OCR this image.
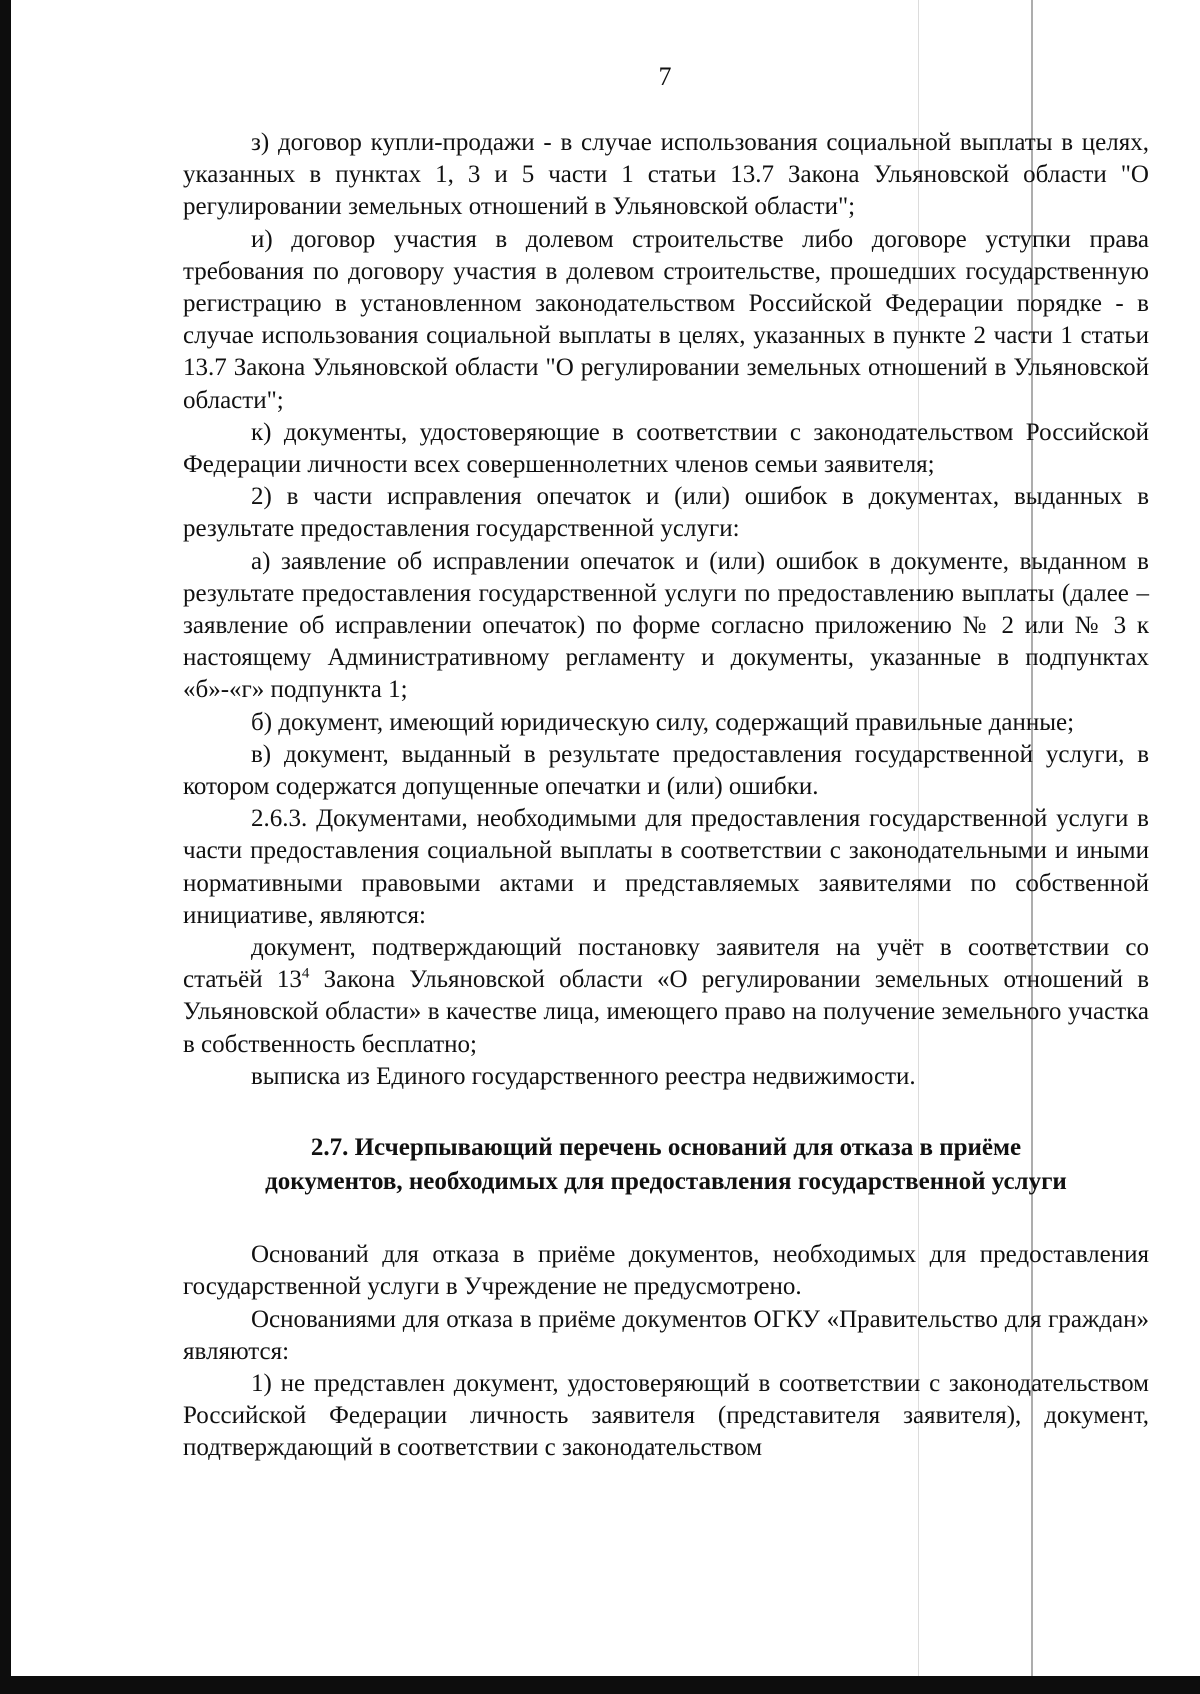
7

з) договор купли-продажи - в случае использования социальной выплаты в целях, указанных в пунктах 1, 3 и 5 части 1 статьи 13.7 Закона Ульяновской области "О регулировании земельных отношений в Ульяновской области";

и) договор участия в долевом строительстве либо договоре уступки права требования по договору участия в долевом строительстве, прошедших государственную регистрацию в установленном законодательством Российской Федерации порядке - в случае использования социальной выплаты в целях, указанных в пункте 2 части 1 статьи 13.7 Закона Ульяновской области "О регулировании земельных отношений в Ульяновской области";

к) документы, удостоверяющие в соответствии с законодательством Российской Федерации личности всех совершеннолетних членов семьи заявителя;

2) в части исправления опечаток и (или) ошибок в документах, выданных в результате предоставления государственной услуги:

а) заявление об исправлении опечаток и (или) ошибок в документе, выданном в результате предоставления государственной услуги по предоставлению выплаты (далее – заявление об исправлении опечаток) по форме согласно приложению № 2 или № 3 к настоящему Административному регламенту и документы, указанные в подпунктах «б»-«г» подпункта 1;

б) документ, имеющий юридическую силу, содержащий правильные данные;

в) документ, выданный в результате предоставления государственной услуги, в котором содержатся допущенные опечатки и (или) ошибки.

2.6.3. Документами, необходимыми для предоставления государственной услуги в части предоставления социальной выплаты в соответствии с законодательными и иными нормативными правовыми актами и представляемых заявителями по собственной инициативе, являются:

документ, подтверждающий постановку заявителя на учёт в соответствии со статьёй $13^4$ Закона Ульяновской области «О регулировании земельных отношений в Ульяновской области» в качестве лица, имеющего право на получение земельного участка в собственность бесплатно;

выписка из Единого государственного реестра недвижимости.

2.7. Исчерпывающий перечень оснований для отказа в приёме

документов, необходимых для предоставления государственной услуги

Оснований для отказа в приёме документов, необходимых для предоставления государственной услуги в Учреждение не предусмотрено.

Основаниями для отказа в приёме документов ОГКУ «Правительство для граждан» являются:

1) не представлен документ, удостоверяющий в соответствии с законодательством Российской Федерации личность заявителя (представителя заявителя), документ, подтверждающий в соответствии с законодательством
